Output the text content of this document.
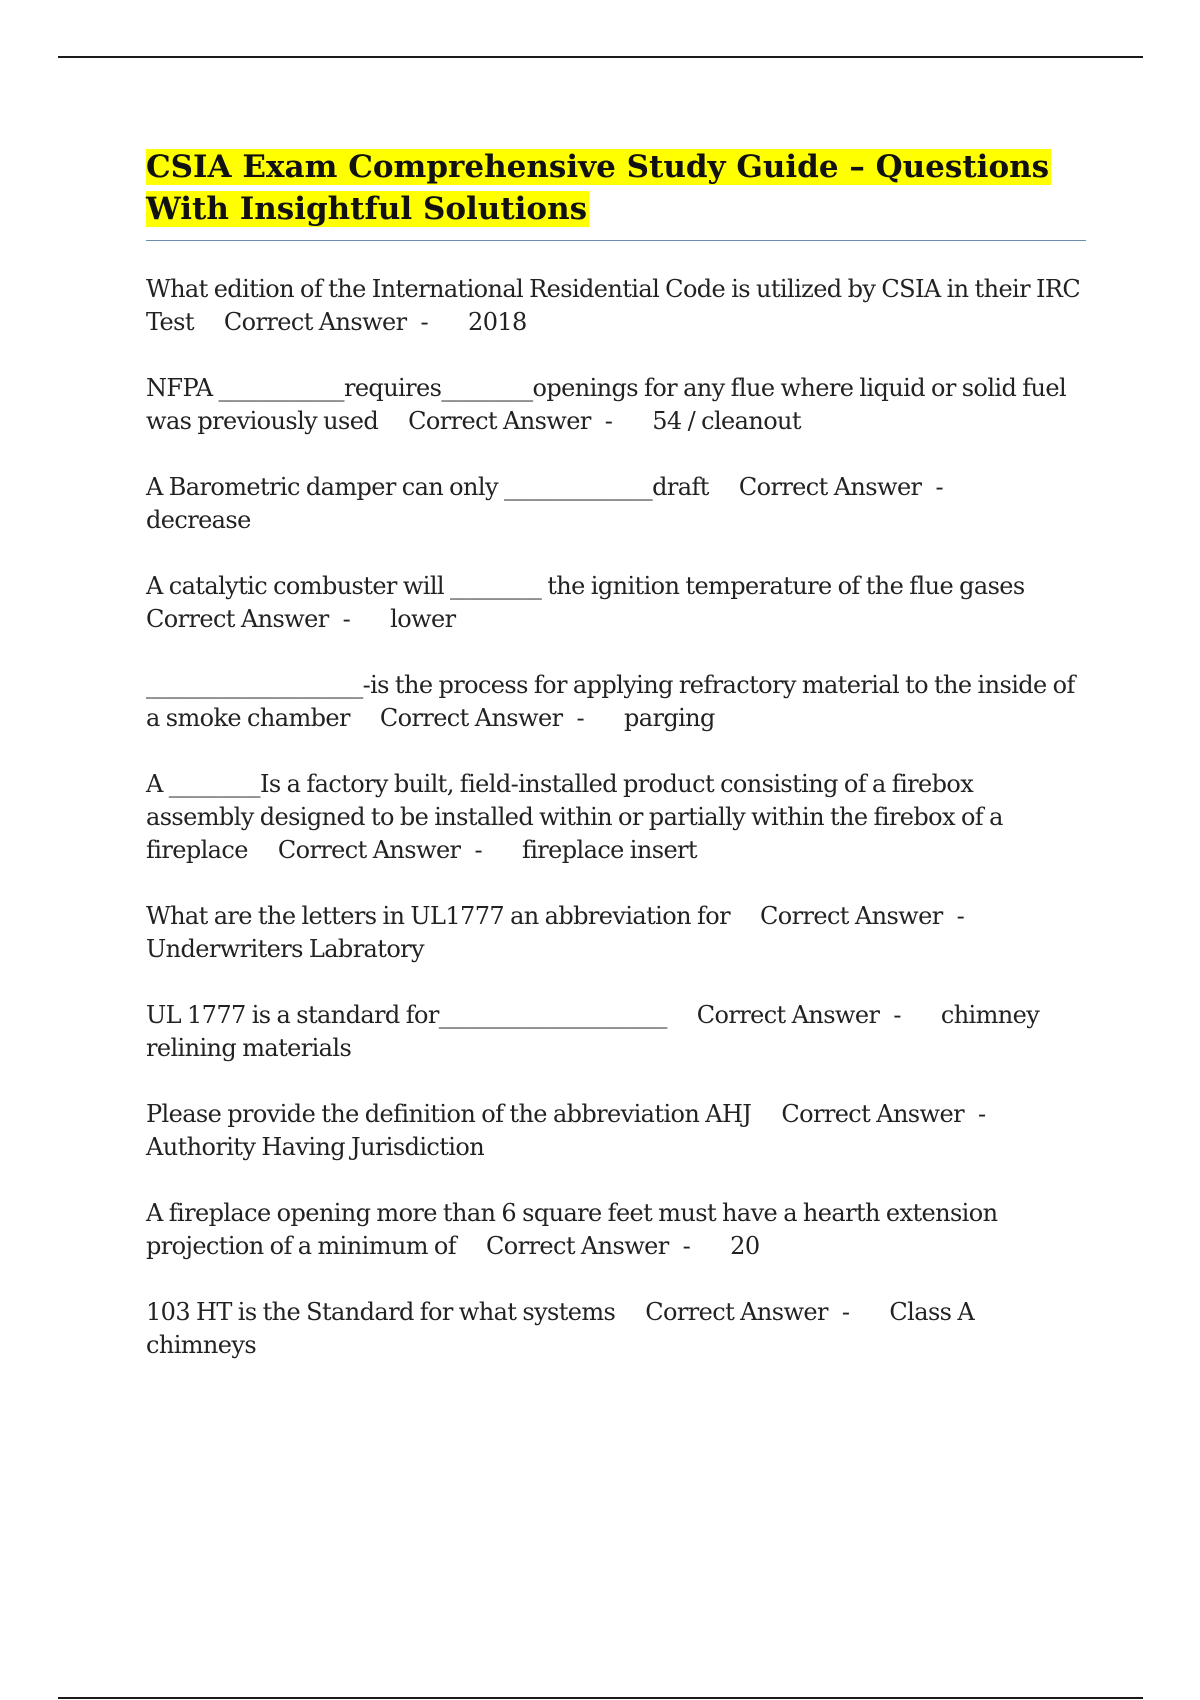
CSIA Exam Comprehensive Study Guide – Questions
With Insightful Solutions

What edition of the International Residential Code is utilized by CSIA in their IRC Test Correct Answer - 2018

NFPA ___________requires________openings for any flue where liquid or solid fuel was previously used Correct Answer - 54 / cleanout

A Barometric damper can only _____________draft Correct Answer -decrease

A catalytic combuster will ________ the ignition temperature of the flue gasesCorrect Answer - lower

___________________-is the process for applying refractory material to the inside of a smoke chamber Correct Answer - parging

A ________Is a factory built, field-installed product consisting of a firebox assembly designed to be installed within or partially within the firebox of a fireplace Correct Answer - fireplace insert

What are the letters in UL1777 an abbreviation for Correct Answer -Underwriters Labratory

UL 1777 is a standard for____________________ Correct Answer - chimney relining materials

Please provide the definition of the abbreviation AHJ Correct Answer -Authority Having Jurisdiction

A fireplace opening more than 6 square feet must have a hearth extension projection of a minimum of Correct Answer - 20

103 HT is the Standard for what systems Correct Answer - Class A chimneys
